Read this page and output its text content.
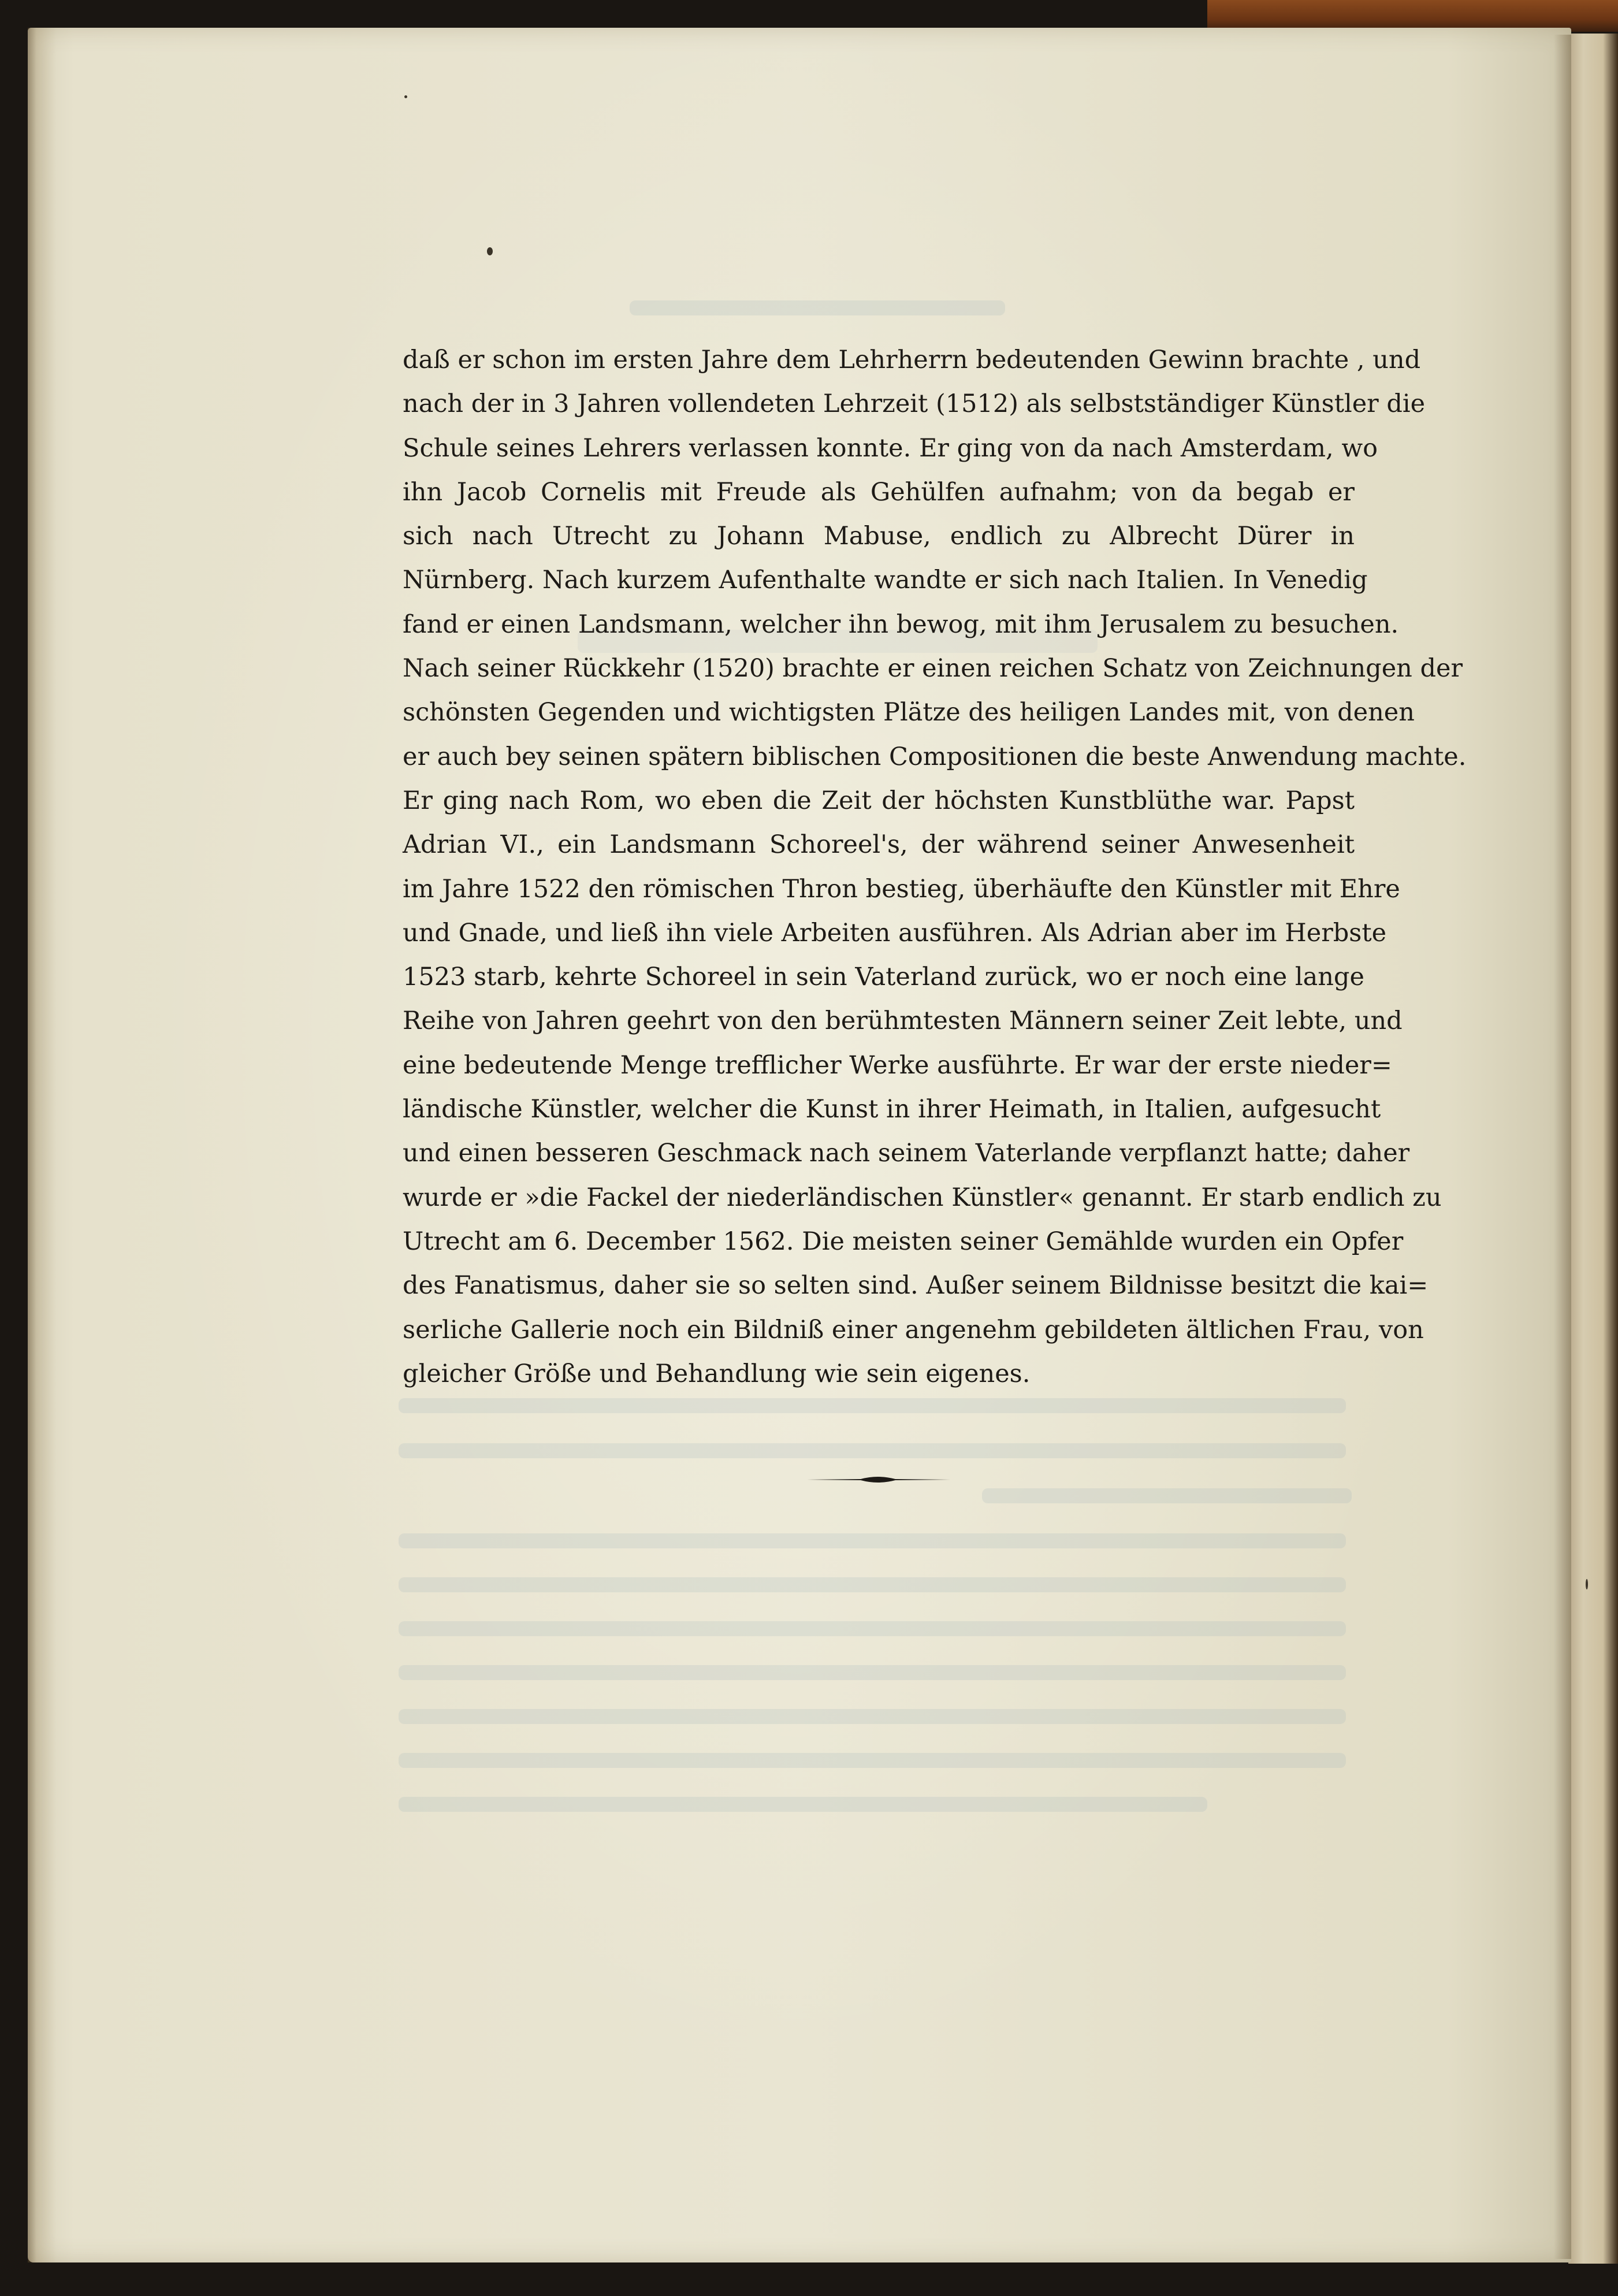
daß er schon im ersten Jahre dem Lehrherrn bedeutenden Gewinn brachte , und
nach der in 3 Jahren vollendeten Lehrzeit (1512) als selbstständiger Künstler die
Schule seines Lehrers verlassen konnte. Er ging von da nach Amsterdam, wo
ihn Jacob Cornelis mit Freude als Gehülfen aufnahm; von da begab er
sich nach Utrecht zu Johann Mabuse, endlich zu Albrecht Dürer in
Nürnberg. Nach kurzem Aufenthalte wandte er sich nach Italien. In Venedig
fand er einen Landsmann, welcher ihn bewog, mit ihm Jerusalem zu besuchen.
Nach seiner Rückkehr (1520) brachte er einen reichen Schatz von Zeichnungen der
schönsten Gegenden und wichtigsten Plätze des heiligen Landes mit, von denen
er auch bey seinen spätern biblischen Compositionen die beste Anwendung machte.
Er ging nach Rom, wo eben die Zeit der höchsten Kunstblüthe war. Papst
Adrian VI., ein Landsmann Schoreel's, der während seiner Anwesenheit
im Jahre 1522 den römischen Thron bestieg, überhäufte den Künstler mit Ehre
und Gnade, und ließ ihn viele Arbeiten ausführen. Als Adrian aber im Herbste
1523 starb, kehrte Schoreel in sein Vaterland zurück, wo er noch eine lange
Reihe von Jahren geehrt von den berühmtesten Männern seiner Zeit lebte, und
eine bedeutende Menge trefflicher Werke ausführte. Er war der erste nieder=
ländische Künstler, welcher die Kunst in ihrer Heimath, in Italien, aufgesucht
und einen besseren Geschmack nach seinem Vaterlande verpflanzt hatte; daher
wurde er »die Fackel der niederländischen Künstler« genannt. Er starb endlich zu
Utrecht am 6. December 1562. Die meisten seiner Gemählde wurden ein Opfer
des Fanatismus, daher sie so selten sind. Außer seinem Bildnisse besitzt die kai=
serliche Gallerie noch ein Bildniß einer angenehm gebildeten ältlichen Frau, von
gleicher Größe und Behandlung wie sein eigenes.
